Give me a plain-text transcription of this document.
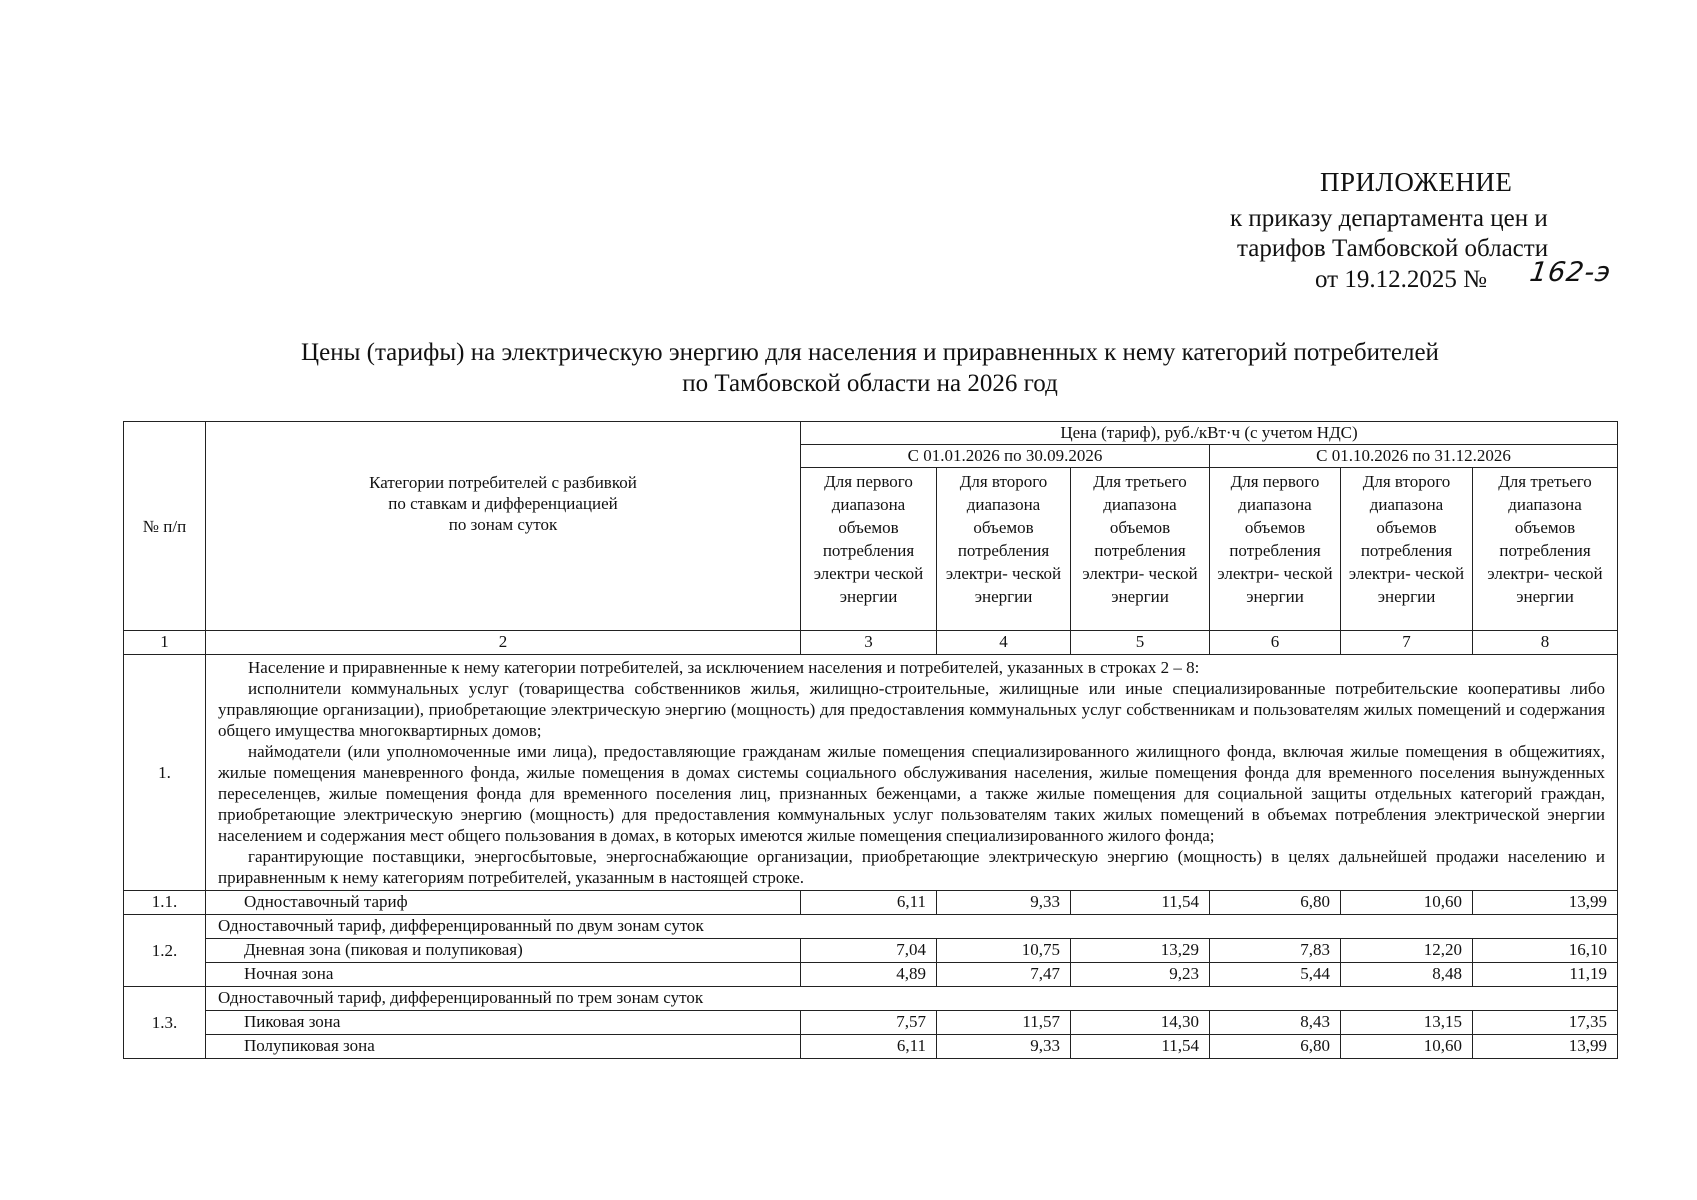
ПРИЛОЖЕНИЕ
к приказу департамента цен и
тарифов Тамбовской области
от 19.12.2025 № 162-э
Цены (тарифы) на электрическую энергию для населения и приравненных к нему категорий потребителей
по Тамбовской области на 2026 год
№ п/п	Категории потребителей с разбивкой
по ставкам и дифференциацией
по зонам суток	Цена (тариф), руб./кВт·ч (с учетом НДС)					
		С 01.01.2026 по 30.09.2026			С 01.10.2026 по 31.12.2026		
		Для первого диапазона объемов потребления электри ческой энергии	Для второго диапазона объемов потребления электри- ческой энергии	Для третьего диапазона объемов потребления электри- ческой энергии	Для первого диапазона объемов потребления электри- ческой энергии	Для второго диапазона объемов потребления электри- ческой энергии	Для третьего диапазона объемов потребления электри- ческой энергии
1	2	3	4	5	6	7	8
1.	Население и приравненные к нему категории потребителей, за исключением населения и потребителей, указанных в строках 2 – 8:

исполнители коммунальных услуг (товарищества собственников жилья, жилищно-строительные, жилищные или иные специализированные потребительские кооперативы либо управляющие организации), приобретающие электрическую энергию (мощность) для предоставления коммунальных услуг собственникам и пользователям жилых помещений и содержания общего имущества многоквартирных домов;

наймодатели (или уполномоченные ими лица), предоставляющие гражданам жилые помещения специализированного жилищного фонда, включая жилые помещения в общежитиях, жилые помещения маневренного фонда, жилые помещения в домах системы социального обслуживания населения, жилые помещения фонда для временного поселения вынужденных переселенцев, жилые помещения фонда для временного поселения лиц, признанных беженцами, а также жилые помещения для социальной защиты отдельных категорий граждан, приобретающие электрическую энергию (мощность) для предоставления коммунальных услуг пользователям таких жилых помещений в объемах потребления электрической энергии населением и содержания мест общего пользования в домах, в которых имеются жилые помещения специализированного жилого фонда;

гарантирующие поставщики, энергосбытовые, энергоснабжающие организации, приобретающие электрическую энергию (мощность) в целях дальнейшей продажи населению и приравненным к нему категориям потребителей, указанным в настоящей строке.						

1.1.	Одноставочный тариф	6,11	9,33	11,54	6,80	10,60	13,99
1.2.	Одноставочный тариф, дифференцированный по двум зонам суток						
	Дневная зона (пиковая и полупиковая)	7,04	10,75	13,29	7,83	12,20	16,10
	Ночная зона	4,89	7,47	9,23	5,44	8,48	11,19
1.3.	Одноставочный тариф, дифференцированный по трем зонам суток						
	Пиковая зона	7,57	11,57	14,30	8,43	13,15	17,35
	Полупиковая зона	6,11	9,33	11,54	6,80	10,60	13,99
